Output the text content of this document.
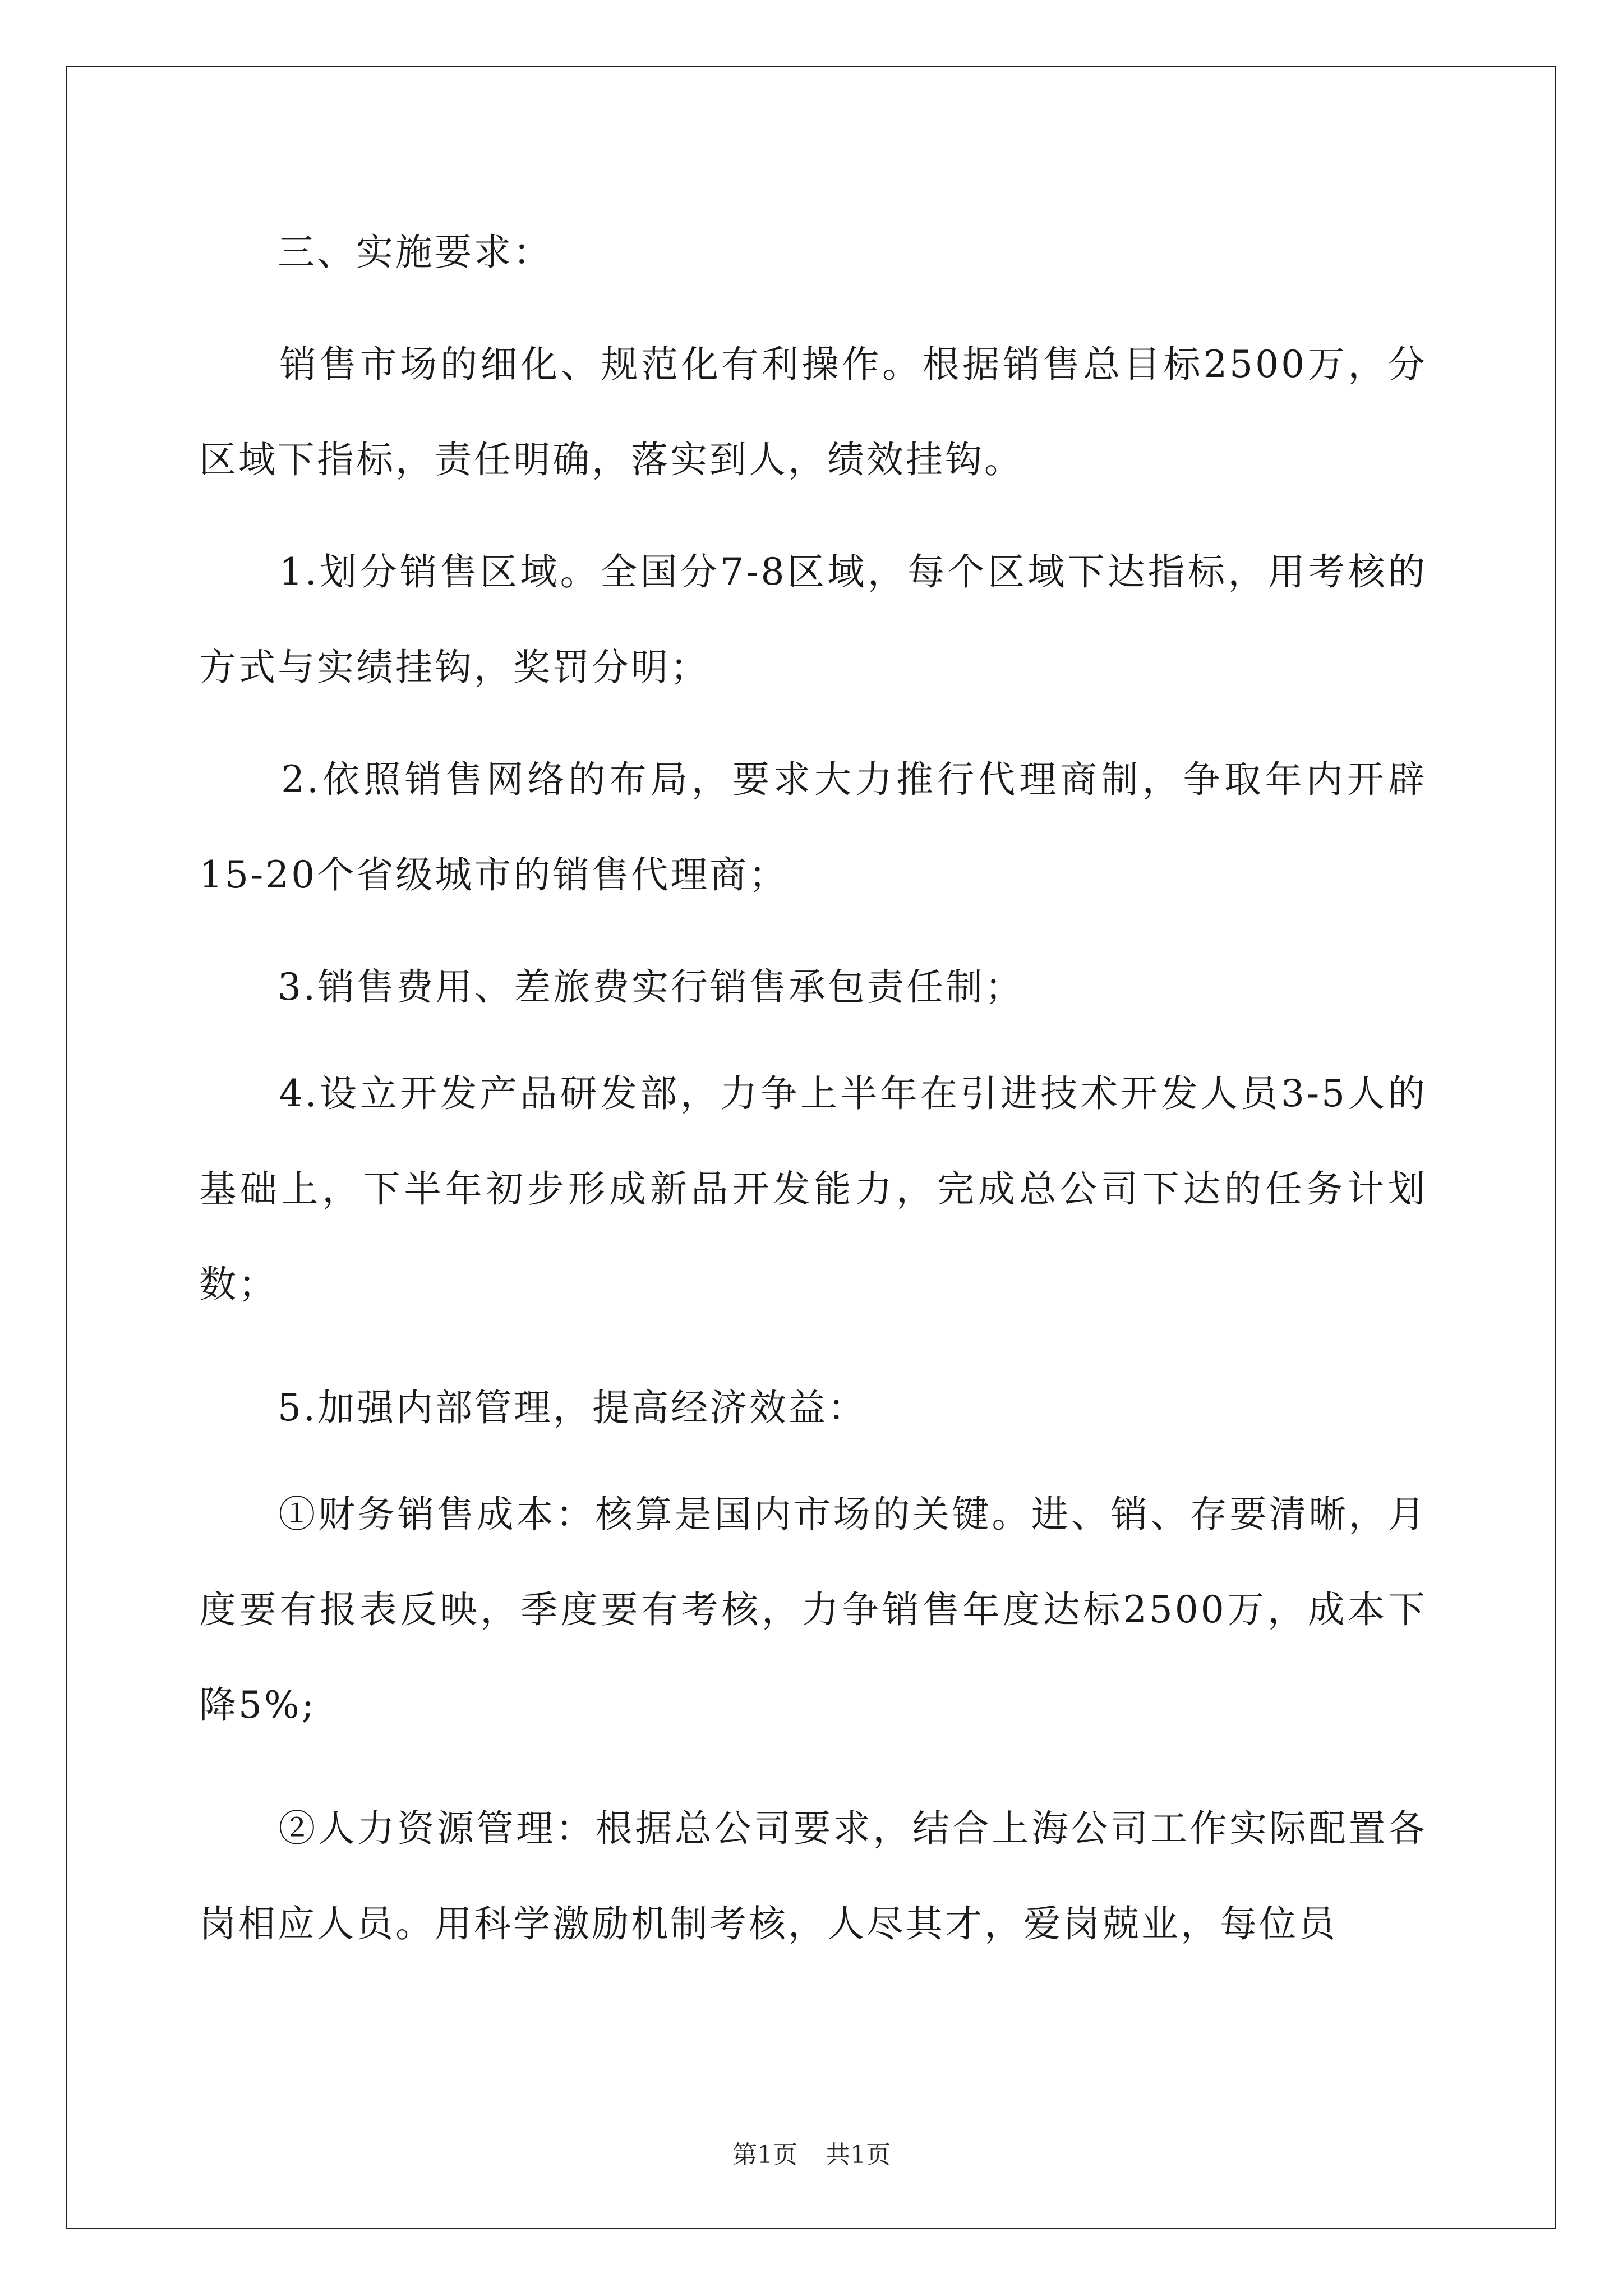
　　三、实施要求：

　　销售市场的细化、规范化有利操作。根据销售总目标2500万，分区域下指标，责任明确，落实到人，绩效挂钩。

　　1.划分销售区域。全国分7-8区域，每个区域下达指标，用考核的方式与实绩挂钩，奖罚分明；

　　2.依照销售网络的布局，要求大力推行代理商制，争取年内开辟15-20个省级城市的销售代理商；

　　3.销售费用、差旅费实行销售承包责任制；

　　4.设立开发产品研发部，力争上半年在引进技术开发人员3-5人的基础上，下半年初步形成新品开发能力，完成总公司下达的任务计划数；

　　5.加强内部管理，提高经济效益：

　　①财务销售成本：核算是国内市场的关键。进、销、存要清晰，月度要有报表反映，季度要有考核，力争销售年度达标2500万，成本下降5%;

　　②人力资源管理：根据总公司要求，结合上海公司工作实际配置各岗相应人员。用科学激励机制考核，人尽其才，爱岗兢业，每位员

第1页 共1页
